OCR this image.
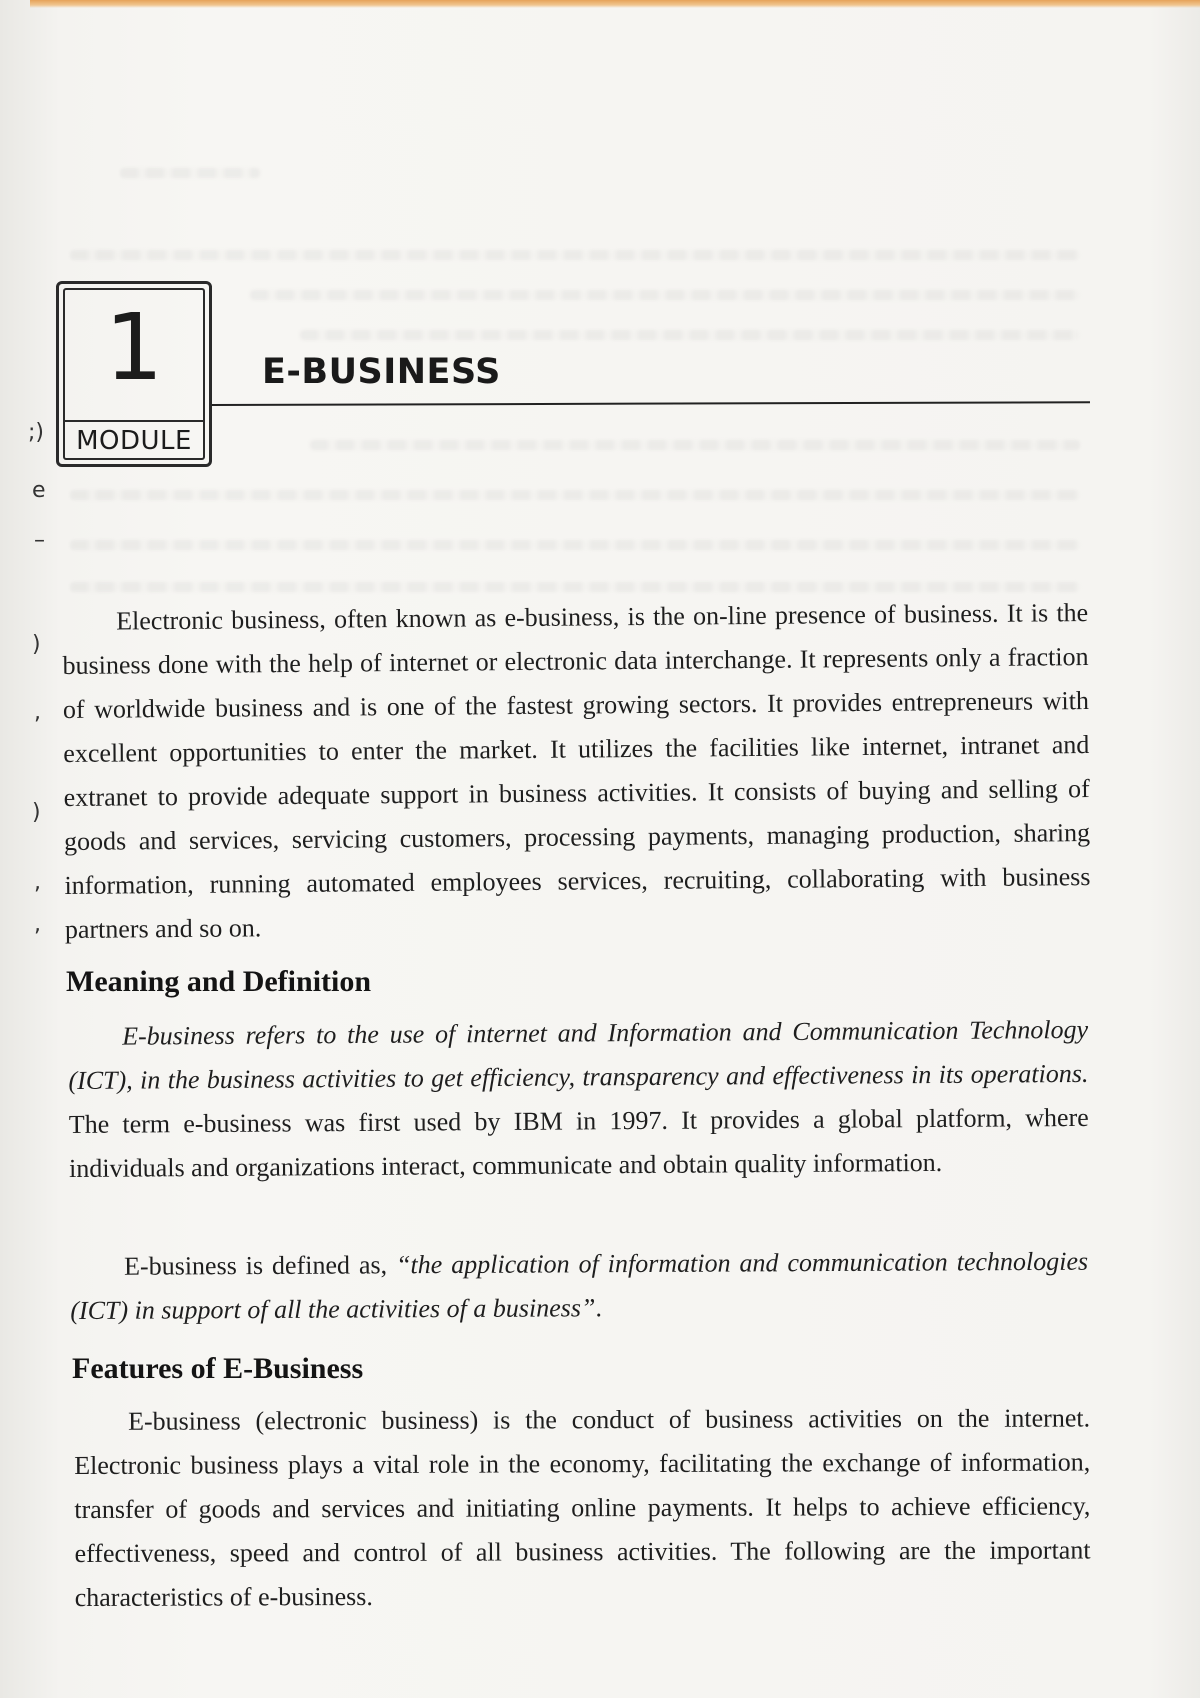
;)
e
–
)
,
)
,
,
1
MODULE
E-BUSINESS

Electronic business, often known as e-business, is the on-line presence of business. It is the business done with the help of internet or electronic data interchange. It represents only a fraction of worldwide business and is one of the fastest growing sectors. It provides entrepreneurs with excellent opportunities to enter the market. It utilizes the facilities like internet, intranet and extranet to provide adequate support in business activities. It consists of buying and selling of goods and services, servicing customers, processing payments, managing production, sharing information, running automated employees services, recruiting, collaborating with business partners and so on.

Meaning and Definition

E-business refers to the use of internet and Information and Communication Technology (ICT), in the business activities to get efficiency, transparency and effectiveness in its operations. The term e-business was first used by IBM in 1997. It provides a global platform, where individuals and organizations interact, communicate and obtain quality information.

E-business is defined as, “the application of information and communication technologies (ICT) in support of all the activities of a business”.

Features of E-Business

E-business (electronic business) is the conduct of business activities on the internet. Electronic business plays a vital role in the economy, facilitating the exchange of information, transfer of goods and services and initiating online payments. It helps to achieve efficiency, effectiveness, speed and control of all business activities. The following are the important characteristics of e-business.
